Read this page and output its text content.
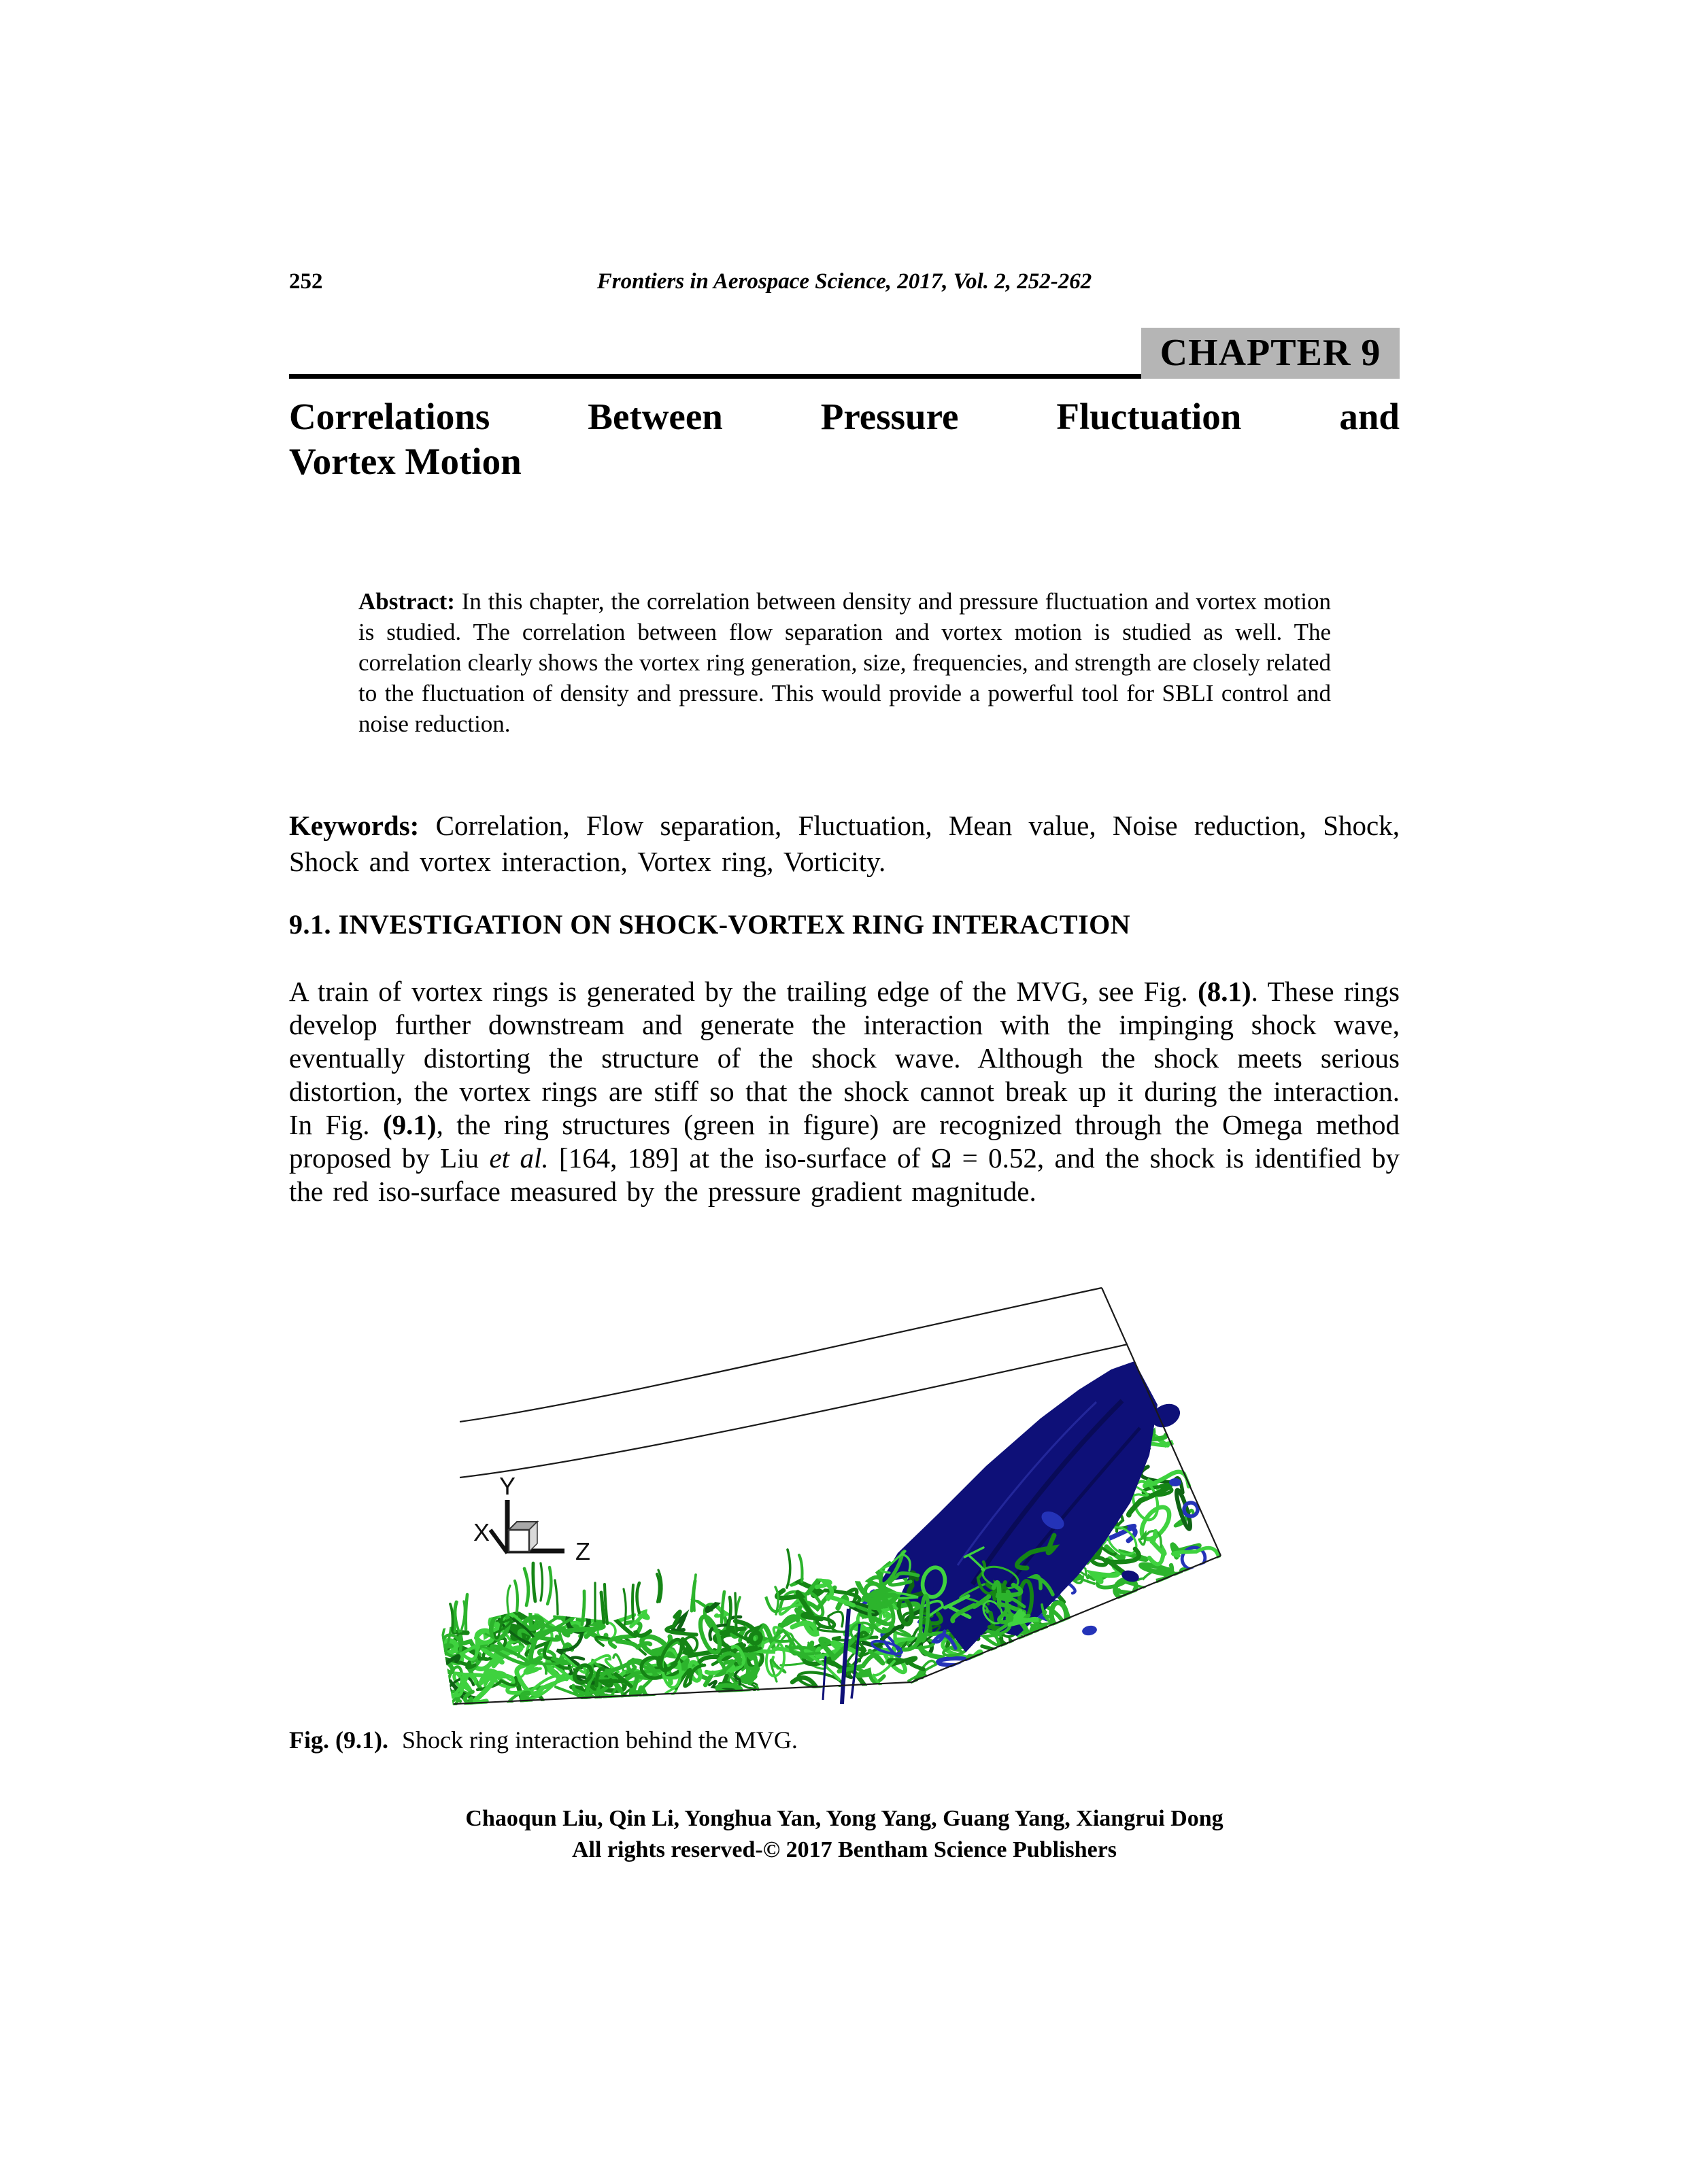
252	Frontiers in Aerospace Science, 2017, Vol. 2, 252-262
CHAPTER 9
Correlations Between Pressure Fluctuation and
Vortex Motion
Abstract: In this chapter, the correlation between density and pressure fluctuation and vortex motion is studied. The correlation between flow separation and vortex motion is studied as well. The correlation clearly shows the vortex ring generation, size, frequencies, and strength are closely related to the fluctuation of density and pressure. This would provide a powerful tool for SBLI control and noise reduction.
Keywords: Correlation, Flow separation, Fluctuation, Mean value, Noise reduction, Shock, Shock and vortex interaction, Vortex ring, Vorticity.
9.1. INVESTIGATION ON SHOCK-VORTEX RING INTERACTION
A train of vortex rings is generated by the trailing edge of the MVG, see Fig. (8.1). These rings develop further downstream and generate the interaction with the impinging shock wave, eventually distorting the structure of the shock wave. Although the shock meets serious distortion, the vortex rings are stiff so that the shock cannot break up it during the interaction. In Fig. (9.1), the ring structures (green in figure) are recognized through the Omega method proposed by Liu et al. [164, 189] at the iso-surface of Ω = 0.52, and the shock is identified by the red iso-surface measured by the pressure gradient magnitude.
Y
X
Z
Fig. (9.1). Shock ring interaction behind the MVG.
Chaoqun Liu, Qin Li, Yonghua Yan, Yong Yang, Guang Yang, Xiangrui Dong
All rights reserved-© 2017 Bentham Science Publishers
